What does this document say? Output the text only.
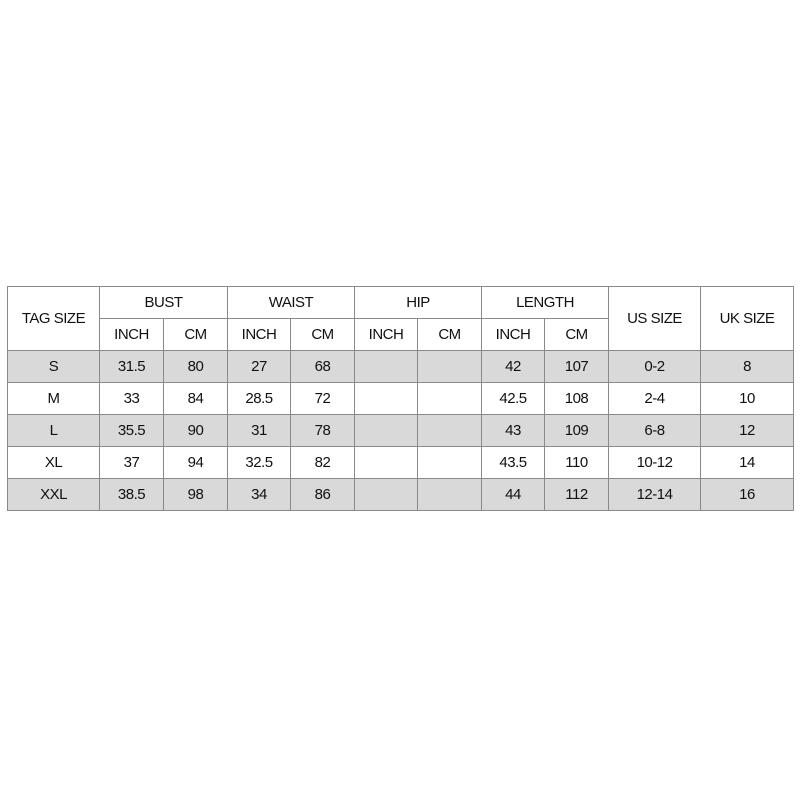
TAG SIZE	BUST		WAIST		HIP		LENGTH		US SIZE	UK SIZE
	INCH	CM	INCH	CM	INCH	CM	INCH	CM		
S	31.5	80	27	68			42	107	0-2	8
M	33	84	28.5	72			42.5	108	2-4	10
L	35.5	90	31	78			43	109	6-8	12
XL	37	94	32.5	82			43.5	110	10-12	14
XXL	38.5	98	34	86			44	112	12-14	16
